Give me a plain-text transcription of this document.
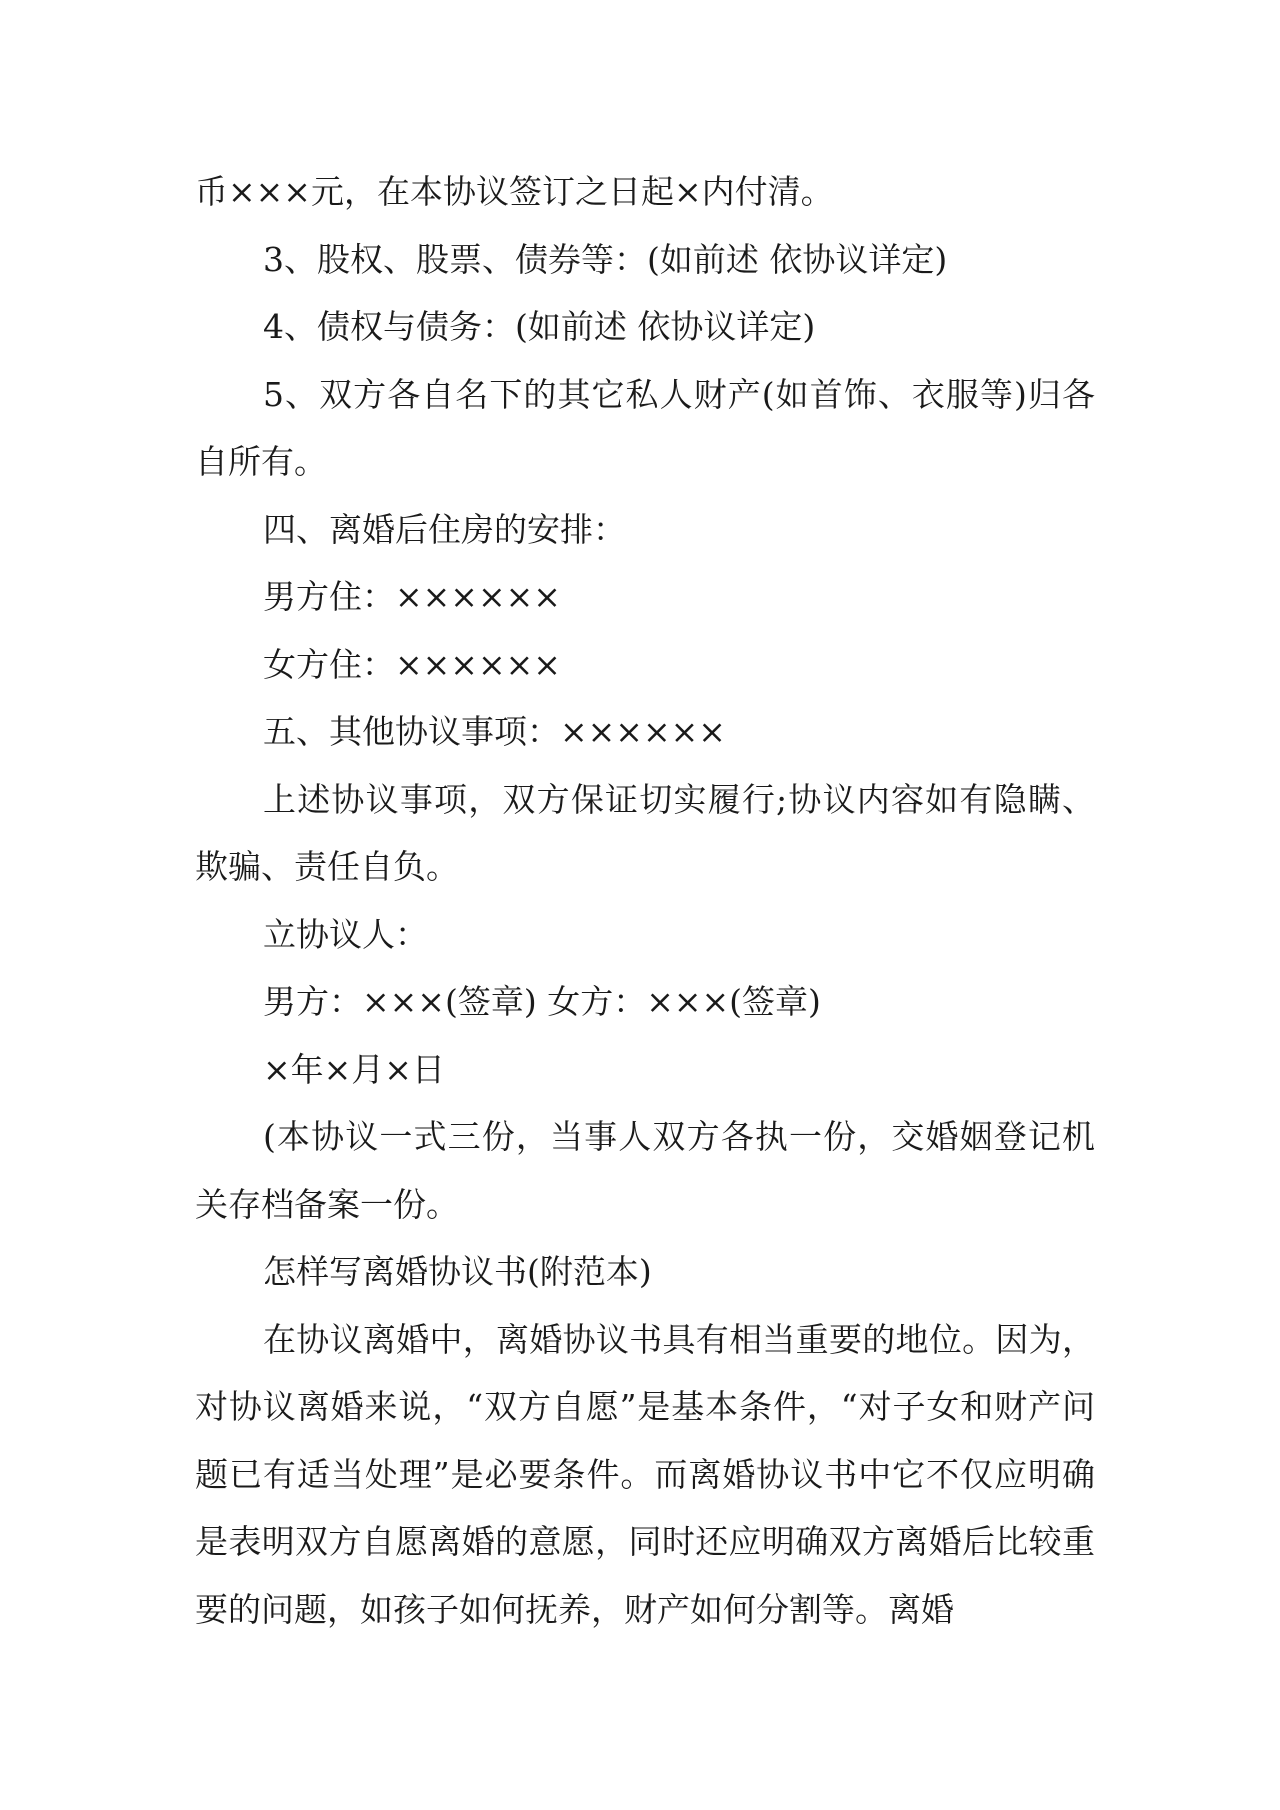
币×××元，在本协议签订之日起×内付清。

3、股权、股票、债券等：(如前述 依协议详定)

4、债权与债务：(如前述 依协议详定)

5、双方各自名下的其它私人财产(如首饰、衣服等)归各自所有。

四、离婚后住房的安排：

男方住：××××××

女方住：××××××

五、其他协议事项：××××××

上述协议事项，双方保证切实履行;协议内容如有隐瞒、欺骗、责任自负。

立协议人：

男方：×××(签章) 女方：×××(签章)

×年×月×日

(本协议一式三份，当事人双方各执一份，交婚姻登记机关存档备案一份。

怎样写离婚协议书(附范本)

在协议离婚中，离婚协议书具有相当重要的地位。因为，对协议离婚来说，“双方自愿”是基本条件，“对子女和财产问题已有适当处理”是必要条件。而离婚协议书中它不仅应明确是表明双方自愿离婚的意愿，同时还应明确双方离婚后比较重要的问题，如孩子如何抚养，财产如何分割等。离婚
